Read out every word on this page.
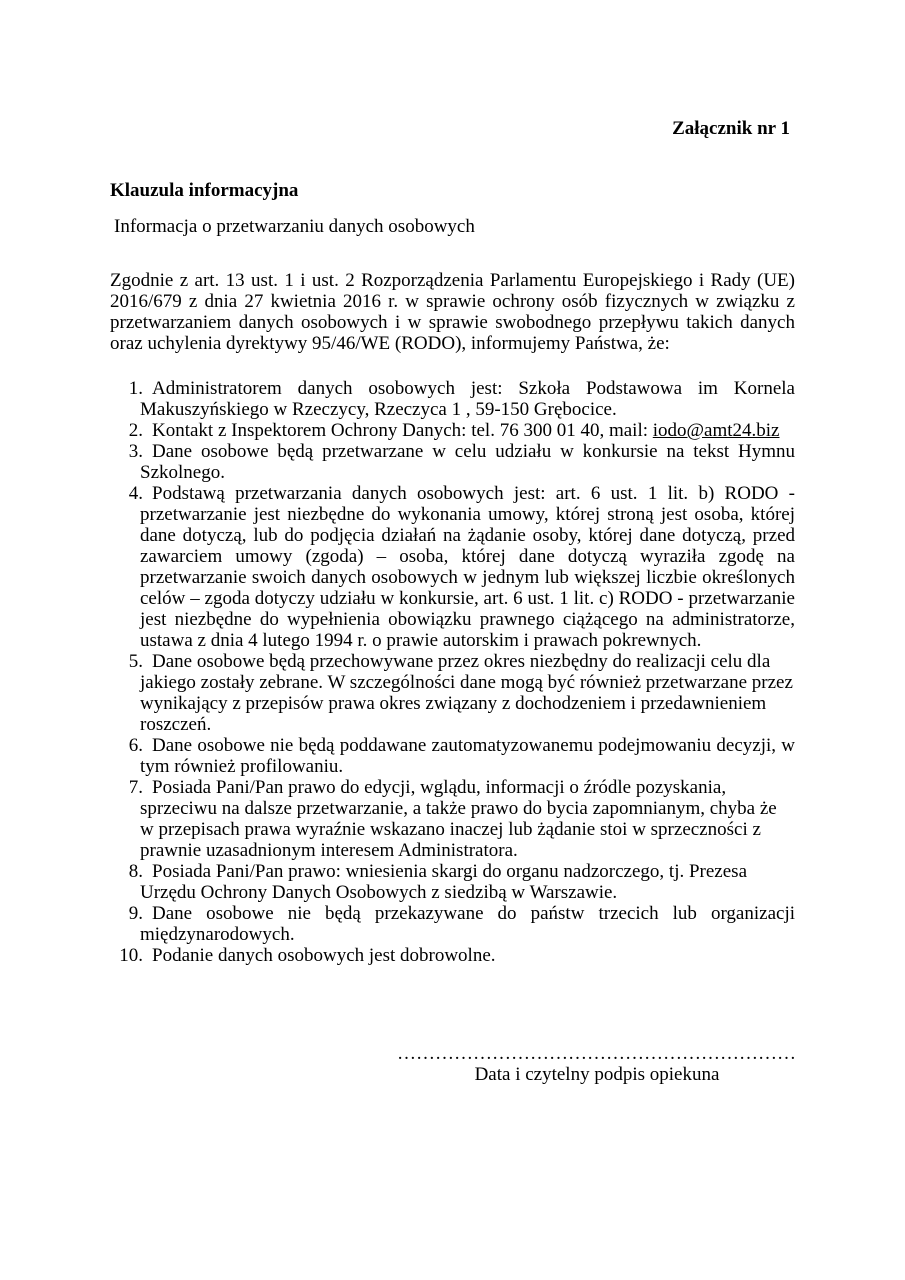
Załącznik nr 1
Klauzula informacyjna
Informacja o przetwarzaniu danych osobowych
Zgodnie z art. 13 ust. 1 i ust. 2 Rozporządzenia Parlamentu Europejskiego i Rady (UE) 2016/679 z dnia 27 kwietnia 2016 r. w sprawie ochrony osób fizycznych w związku z przetwarzaniem danych osobowych i w sprawie swobodnego przepływu takich danych oraz uchylenia dyrektywy 95/46/WE (RODO), informujemy Państwa, że:
1. Administratorem danych osobowych jest: Szkoła Podstawowa im Kornela Makuszyńskiego w Rzeczycy, Rzeczyca 1 , 59-150 Grębocice.
2. Kontakt z Inspektorem Ochrony Danych: tel. 76 300 01 40, mail: iodo@amt24.biz
3. Dane osobowe będą przetwarzane w celu udziału w konkursie na tekst Hymnu Szkolnego.
4. Podstawą przetwarzania danych osobowych jest: art. 6 ust. 1 lit. b) RODO - przetwarzanie jest niezbędne do wykonania umowy, której stroną jest osoba, której dane dotyczą, lub do podjęcia działań na żądanie osoby, której dane dotyczą, przed zawarciem umowy (zgoda) – osoba, której dane dotyczą wyraziła zgodę na przetwarzanie swoich danych osobowych w jednym lub większej liczbie określonych celów – zgoda dotyczy udziału w konkursie, art. 6 ust. 1 lit. c) RODO - przetwarzanie jest niezbędne do wypełnienia obowiązku prawnego ciążącego na administratorze, ustawa z dnia 4 lutego 1994 r. o prawie autorskim i prawach pokrewnych.
5. Dane osobowe będą przechowywane przez okres niezbędny do realizacji celu dla jakiego zostały zebrane. W szczególności dane mogą być również przetwarzane przez wynikający z przepisów prawa okres związany z dochodzeniem i przedawnieniem roszczeń.
6. Dane osobowe nie będą poddawane zautomatyzowanemu podejmowaniu decyzji, w tym również profilowaniu.
7. Posiada Pani/Pan prawo do edycji, wglądu, informacji o źródle pozyskania, sprzeciwu na dalsze przetwarzanie, a także prawo do bycia zapomnianym, chyba że w przepisach prawa wyraźnie wskazano inaczej lub żądanie stoi w sprzeczności z prawnie uzasadnionym interesem Administratora.
8. Posiada Pani/Pan prawo: wniesienia skargi do organu nadzorczego, tj. Prezesa Urzędu Ochrony Danych Osobowych z siedzibą w Warszawie.
9. Dane osobowe nie będą przekazywane do państw trzecich lub organizacji międzynarodowych.
10. Podanie danych osobowych jest dobrowolne.
………………………………………………………
Data i czytelny podpis opiekuna
